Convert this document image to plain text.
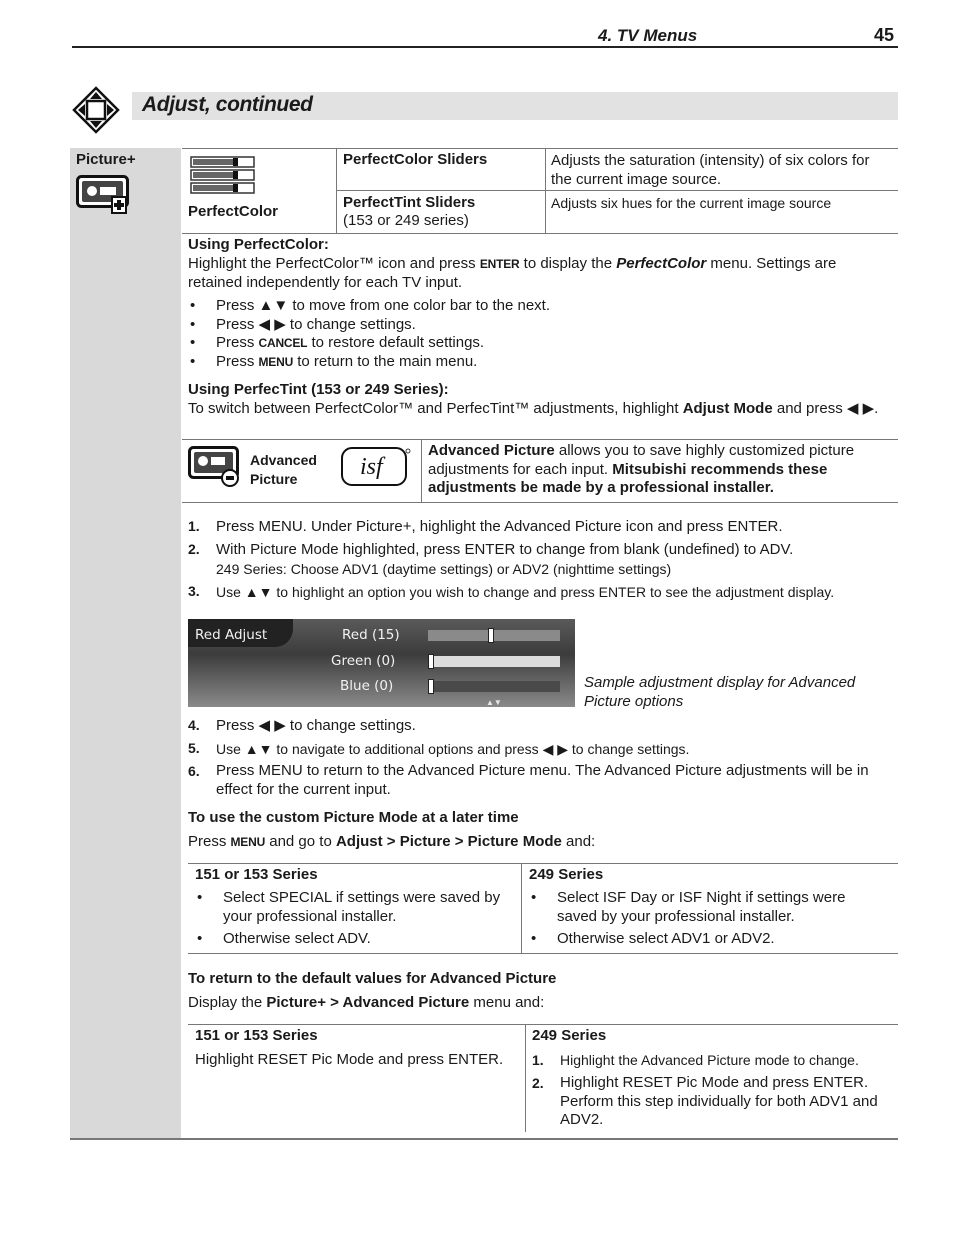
4. TV Menus	45
Adjust, continued
Picture+
PerfectColor
PerfectColor Sliders	Adjusts the saturation (intensity) of six colors for the current image source.
PerfectTint Sliders
(153 or 249 series)
Adjusts six hues for the current image source
Using PerfectColor:
Highlight the PerfectColor™ icon and press ENTER to display the PerfectColor menu. Settings are retained independently for each TV input.
• Press ▲▼ to move from one color bar to the next.
• Press ◀ ▶ to change settings.
• Press CANCEL to restore default settings.
• Press MENU to return to the main menu.
Using PerfecTint (153 or 249 Series):
To switch between PerfectColor™ and PerfecTint™ adjustments, highlight Adjust Mode and press ◀ ▶.
Advanced
Picture	isf
Advanced Picture allows you to save highly customized picture adjustments for each input. Mitsubishi recommends these adjustments be made by a professional installer.
1. Press MENU. Under Picture+, highlight the Advanced Picture icon and press ENTER.
2. With Picture Mode highlighted, press ENTER to change from blank (undefined) to ADV.
249 Series: Choose ADV1 (daytime settings) or ADV2 (nighttime settings)
3. Use ▲▼ to highlight an option you wish to change and press ENTER to see the adjustment display.
Red Adjust	Red (15)
Green (0)
Blue (0)
▲▼
Sample adjustment display for Advanced Picture options
4. Press ◀ ▶ to change settings.
5. Use ▲▼ to navigate to additional options and press ◀ ▶ to change settings.
6. Press MENU to return to the Advanced Picture menu. The Advanced Picture adjustments will be in effect for the current input.
To use the custom Picture Mode at a later time
Press MENU and go to Adjust > Picture > Picture Mode and:
151 or 153 Series
• Select SPECIAL if settings were saved by your professional installer.
• Otherwise select ADV.
249 Series
• Select ISF Day or ISF Night if settings were saved by your professional installer.
• Otherwise select ADV1 or ADV2.
To return to the default values for Advanced Picture
Display the Picture+ > Advanced Picture menu and:
151 or 153 Series
Highlight RESET Pic Mode and press ENTER.
249 Series
1. Highlight the Advanced Picture mode to change.
2. Highlight RESET Pic Mode and press ENTER. Perform this step individually for both ADV1 and ADV2.
